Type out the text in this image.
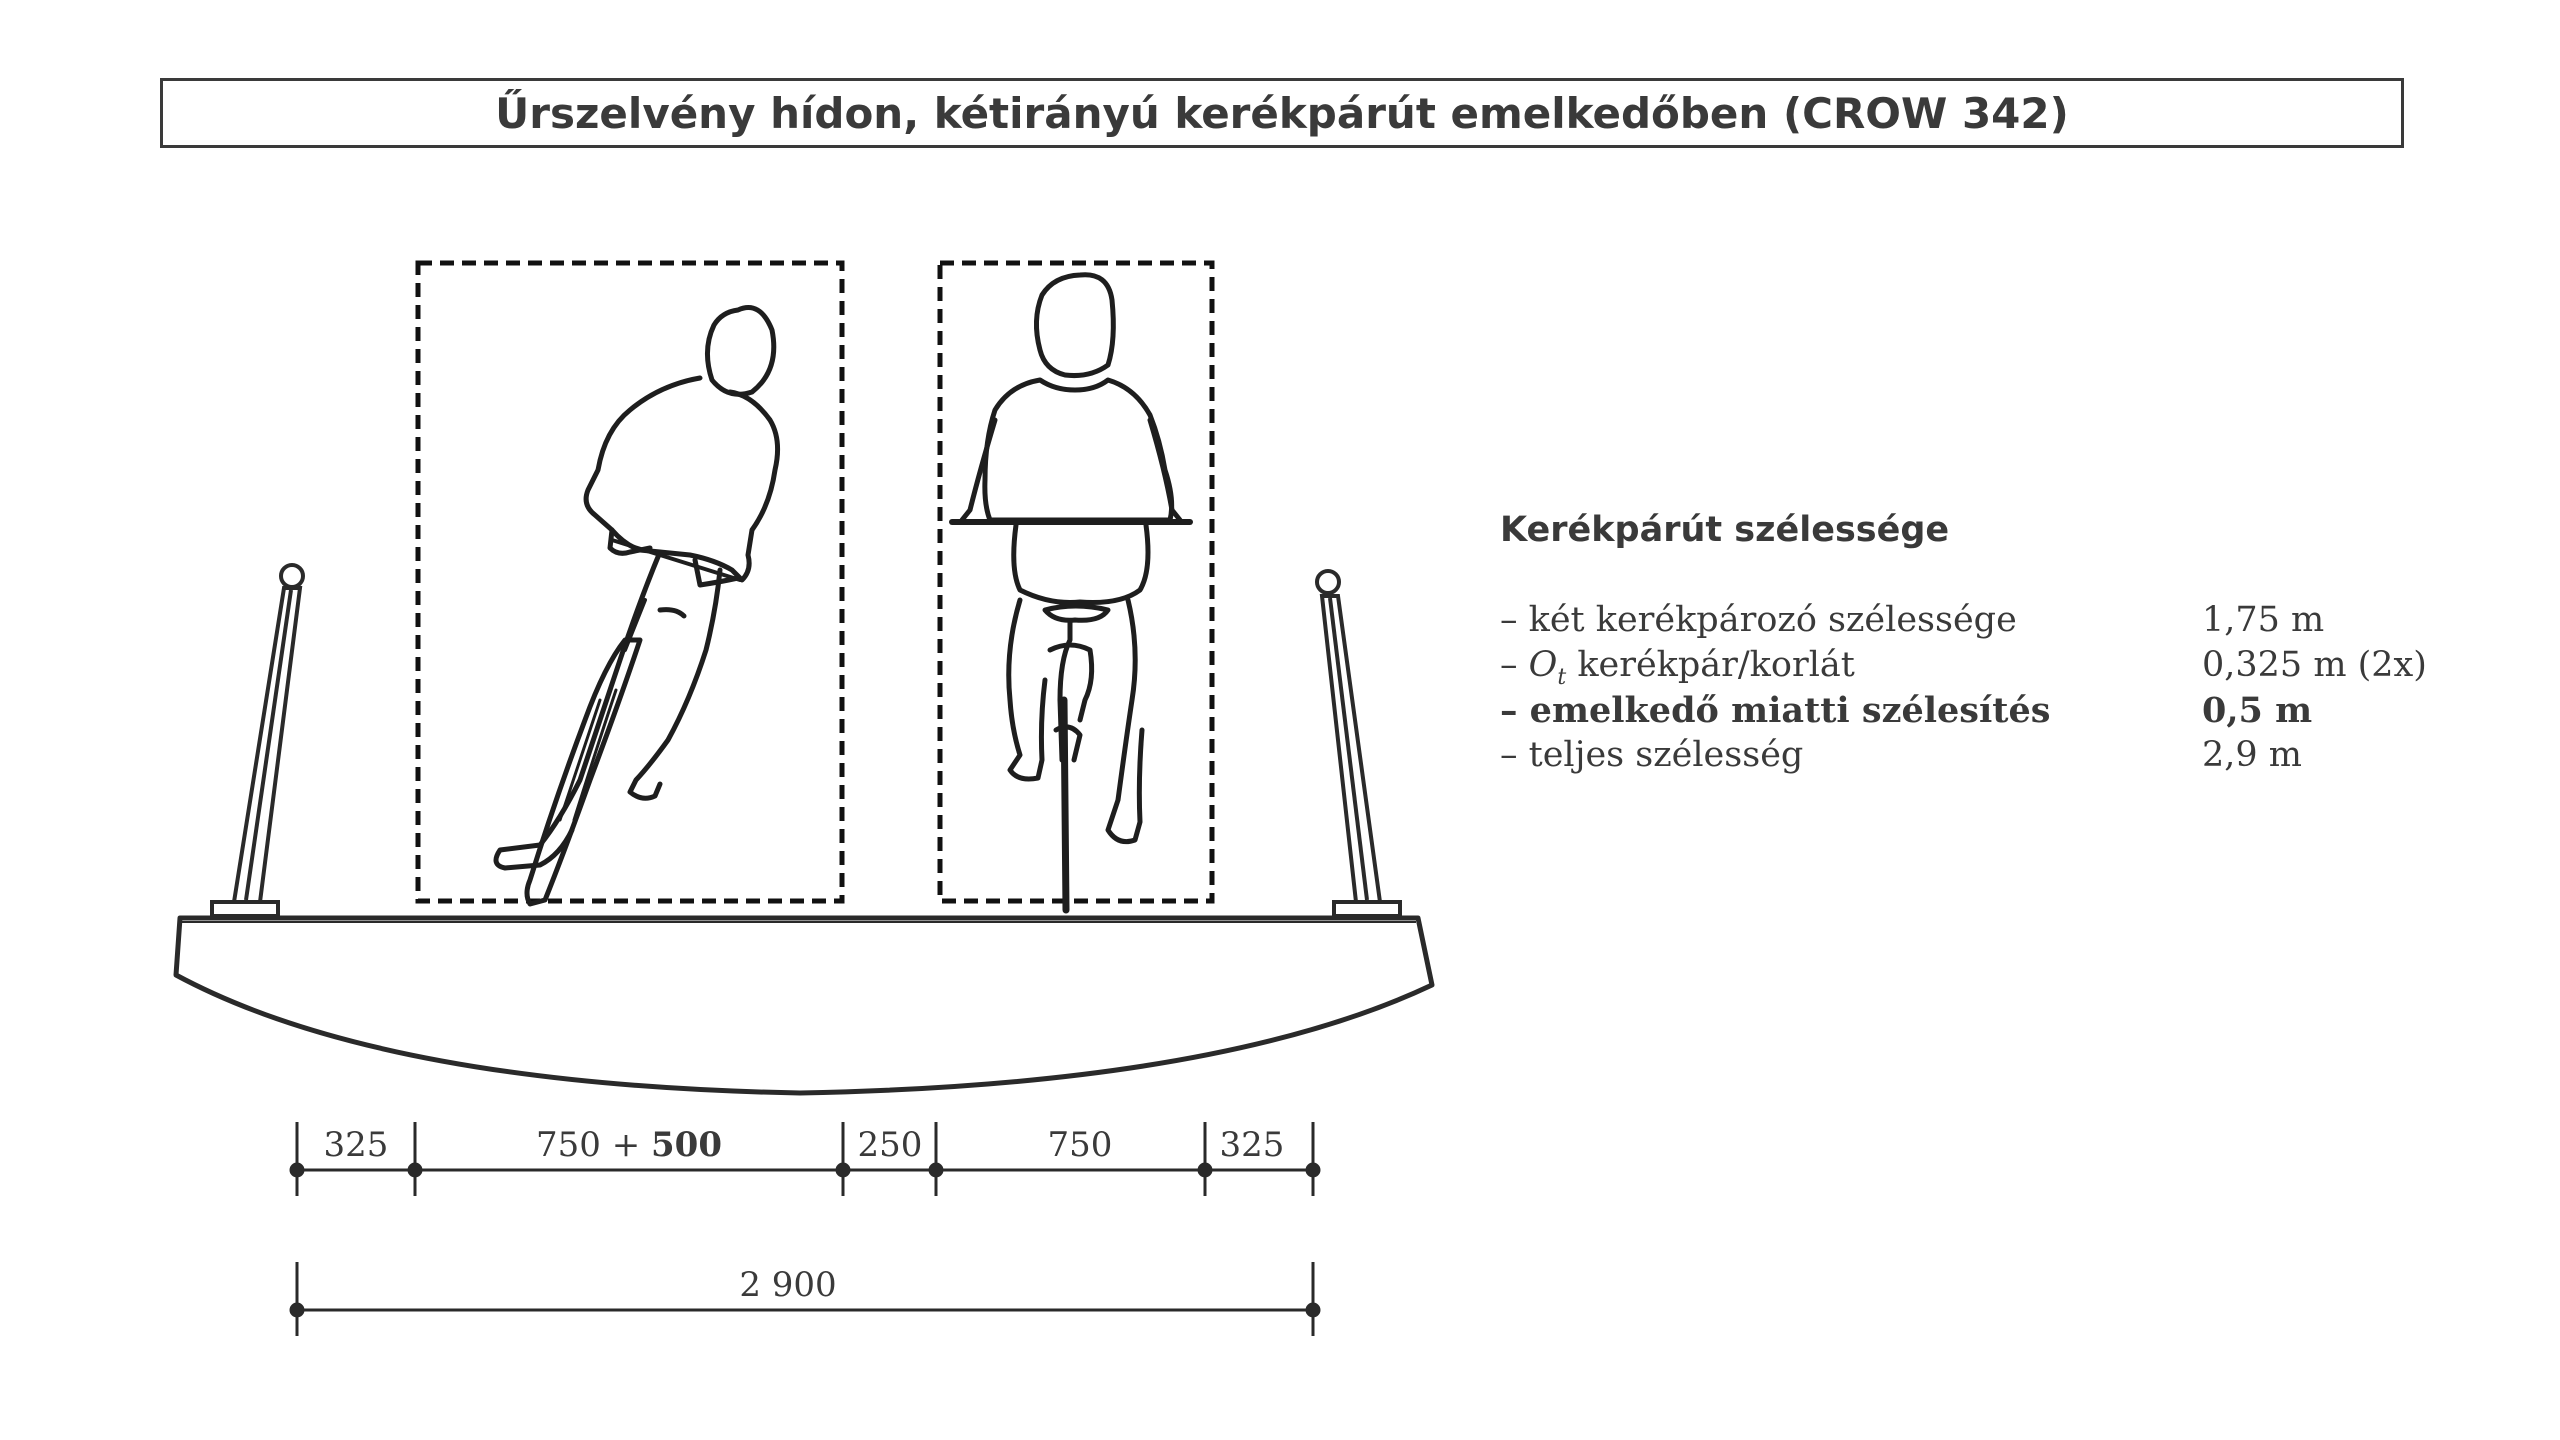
Űrszelvény hídon, kétirányú kerékpárút emelkedőben (CROW 342)
325	750 + 500	250	750	325
2 900
Kerékpárút szélessége
– két kerékpározó szélessége	1,75 m
– $O_t$ kerékpár/korlát	0,325 m (2x)
– emelkedő miatti szélesítés	0,5 m
– teljes szélesség	2,9 m
